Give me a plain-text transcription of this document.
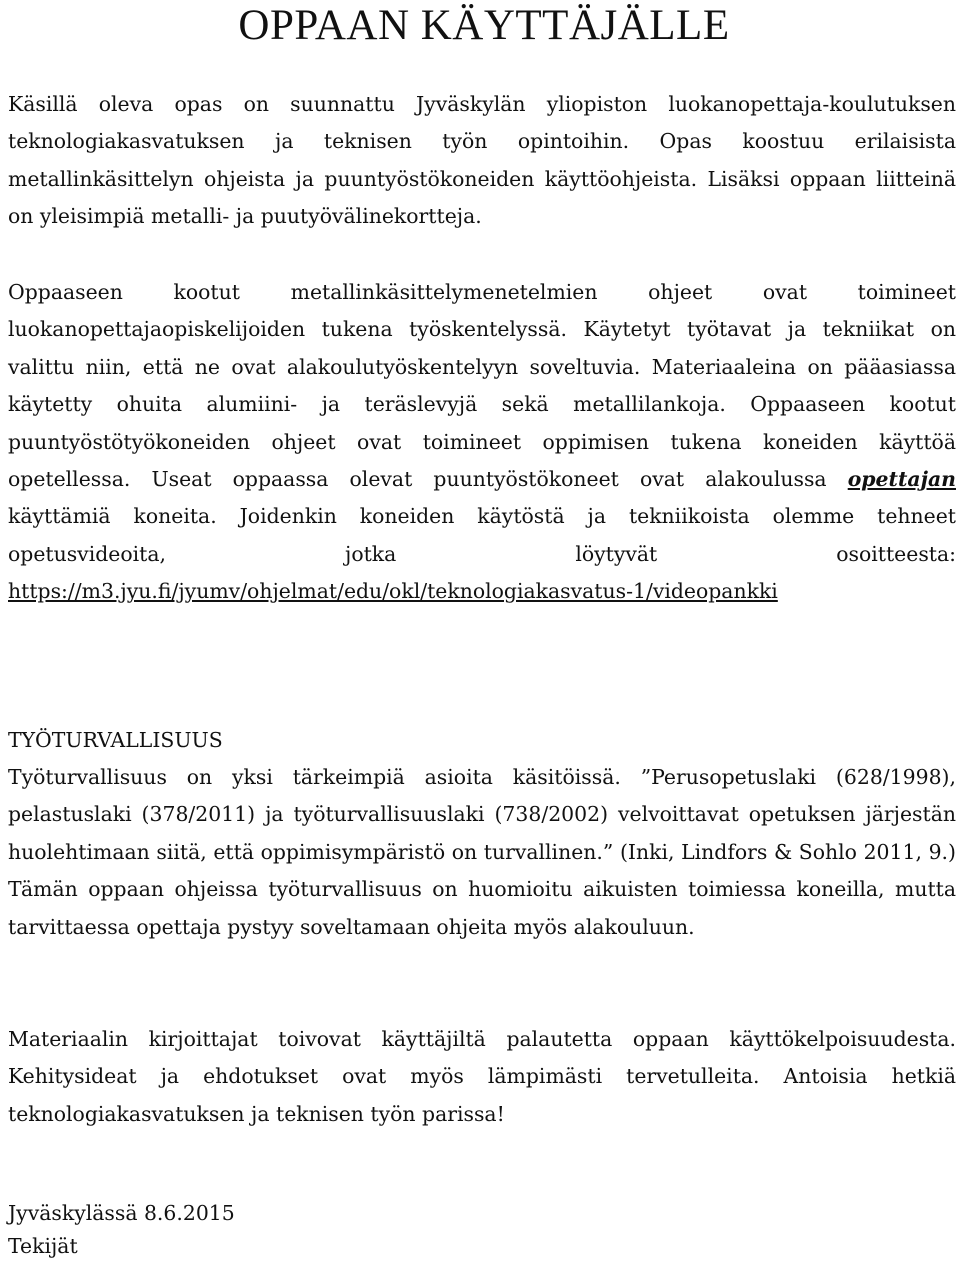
OPPAAN KÄYTTÄJÄLLE

Käsillä oleva opas on suunnattu Jyväskylän yliopiston luokanopettaja-koulutuksen teknologiakasvatuksen ja teknisen työn opintoihin. Opas koostuu erilaisista metallinkäsittelyn ohjeista ja puuntyöstökoneiden käyttöohjeista. Lisäksi oppaan liitteinä on yleisimpiä metalli- ja puutyövälinekortteja.

Oppaaseen kootut metallinkäsittelymenetelmien ohjeet ovat toimineet luokanopettajaopiskelijoiden tukena työskentelyssä. Käytetyt työtavat ja tekniikat on valittu niin, että ne ovat alakoulutyöskentelyyn soveltuvia. Materiaaleina on pääasiassa käytetty ohuita alumiini- ja teräslevyjä sekä metallilankoja. Oppaaseen kootut puuntyöstötyökoneiden ohjeet ovat toimineet oppimisen tukena koneiden käyttöä opetellessa. Useat oppaassa olevat puuntyöstökoneet ovat alakoulussa opettajan käyttämiä koneita. Joidenkin koneiden käytöstä ja tekniikoista olemme tehneet opetusvideoita, jotka löytyvät osoitteesta: https://m3.jyu.fi/jyumv/ohjelmat/edu/okl/teknologiakasvatus-1/videopankki

TYÖTURVALLISUUS

Työturvallisuus on yksi tärkeimpiä asioita käsitöissä. ”Perusopetuslaki (628/1998), pelastuslaki (378/2011) ja työturvallisuuslaki (738/2002) velvoittavat opetuksen järjestän huolehtimaan siitä, että oppimisympäristö on turvallinen.” (Inki, Lindfors & Sohlo 2011, 9.) Tämän oppaan ohjeissa työturvallisuus on huomioitu aikuisten toimiessa koneilla, mutta tarvittaessa opettaja pystyy soveltamaan ohjeita myös alakouluun.

Materiaalin kirjoittajat toivovat käyttäjiltä palautetta oppaan käyttökelpoisuudesta. Kehitysideat ja ehdotukset ovat myös lämpimästi tervetulleita. Antoisia hetkiä teknologiakasvatuksen ja teknisen työn parissa!

Jyväskylässä 8.6.2015

Tekijät
